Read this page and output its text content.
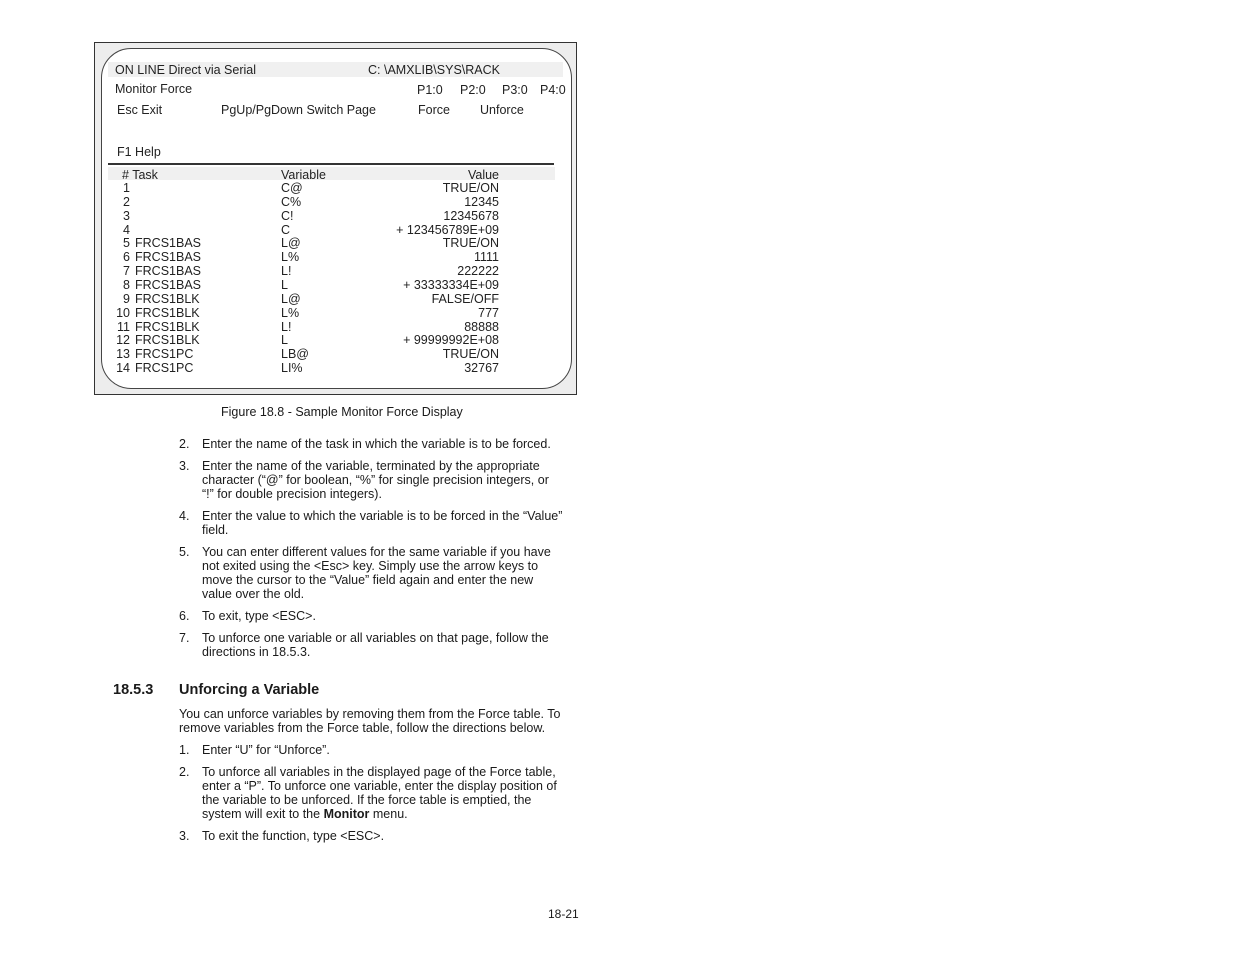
ON LINE Direct via Serial	C: \AMXLIB\SYS\RACK
Monitor Force	P1:0 P2:0 P3:0 P4:0
Esc Exit	PgUp/PgDown Switch Page	Force Unforce
F1 Help
# Task	Variable	Value
1	C@	TRUE/ON
2	C%	12345
3	C!	12345678
4	C	+ 123456789E+09
5 FRCS1BAS	L@	TRUE/ON
6 FRCS1BAS	L%	1111
7 FRCS1BAS	L!	222222
8 FRCS1BAS	L	+ 33333334E+09
9 FRCS1BLK	L@	FALSE/OFF
10 FRCS1BLK	L%	777
11 FRCS1BLK	L!	88888
12 FRCS1BLK	L	+ 99999992E+08
13 FRCS1PC	LB@	TRUE/ON
14 FRCS1PC	LI%	32767
Figure 18.8 - Sample Monitor Force Display
2. Enter the name of the task in which the variable is to be forced.
3. Enter the name of the variable, terminated by the appropriate
character (“@” for boolean, “%” for single precision integers, or
“!” for double precision integers).
4. Enter the value to which the variable is to be forced in the “Value”
field.
5. You can enter different values for the same variable if you have
not exited using the <Esc> key. Simply use the arrow keys to
move the cursor to the “Value” field again and enter the new
value over the old.
6. To exit, type <ESC>.
7. To unforce one variable or all variables on that page, follow the
directions in 18.5.3.
18.5.3 Unforcing a Variable
You can unforce variables by removing them from the Force table. To
remove variables from the Force table, follow the directions below.
1. Enter “U” for “Unforce”.
2. To unforce all variables in the displayed page of the Force table,
enter a “P”. To unforce one variable, enter the display position of
the variable to be unforced. If the force table is emptied, the
system will exit to the Monitor menu.
3. To exit the function, type <ESC>.
18-21
